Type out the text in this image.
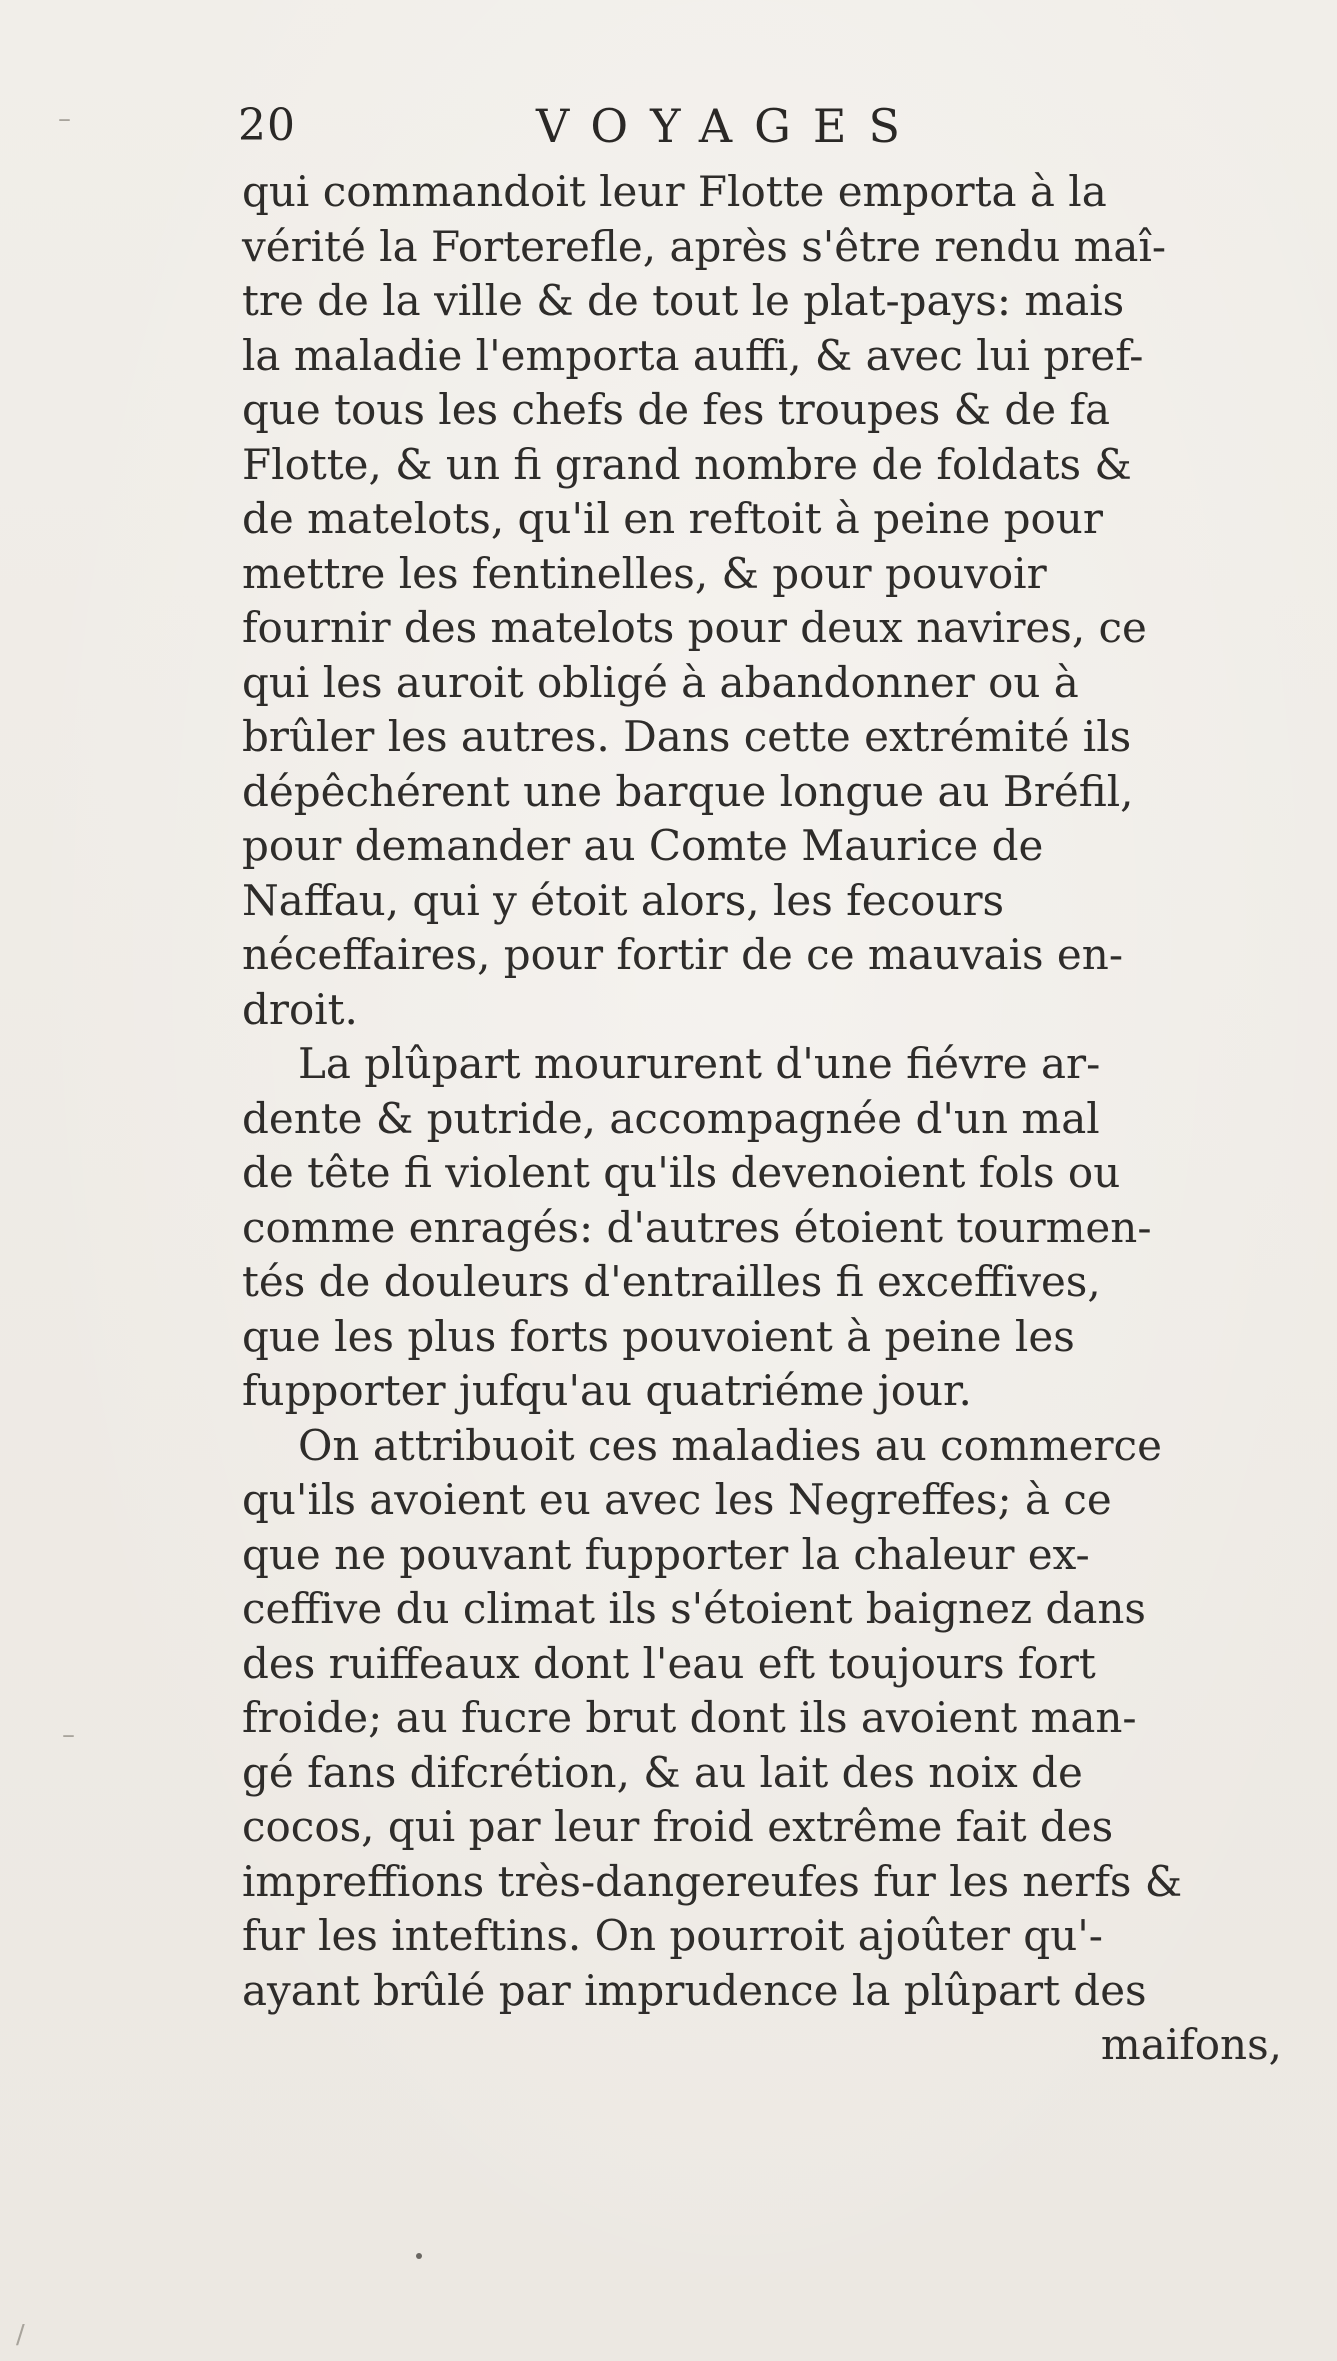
20	VOYAGES
qui commandoit leur Flotte emporta à la
vérité la Forterefle, après s'être rendu maî-
tre de la ville & de tout le plat-pays: mais
la maladie l'emporta auffi, & avec lui pref-
que tous les chefs de fes troupes & de fa
Flotte, & un fi grand nombre de foldats &
de matelots, qu'il en reftoit à peine pour
mettre les fentinelles, & pour pouvoir
fournir des matelots pour deux navires, ce
qui les auroit obligé à abandonner ou à
brûler les autres. Dans cette extrémité ils
dépêchérent une barque longue au Bréfil,
pour demander au Comte Maurice de
Naffau, qui y étoit alors, les fecours
néceffaires, pour fortir de ce mauvais en-
droit.
La plûpart moururent d'une fiévre ar-
dente & putride, accompagnée d'un mal
de tête fi violent qu'ils devenoient fols ou
comme enragés: d'autres étoient tourmen-
tés de douleurs d'entrailles fi exceffives,
que les plus forts pouvoient à peine les
fupporter jufqu'au quatriéme jour.
On attribuoit ces maladies au commerce
qu'ils avoient eu avec les Negreffes; à ce
que ne pouvant fupporter la chaleur ex-
ceffive du climat ils s'étoient baignez dans
des ruiffeaux dont l'eau eft toujours fort
froide; au fucre brut dont ils avoient man-
gé fans difcrétion, & au lait des noix de
cocos, qui par leur froid extrême fait des
impreffions très-dangereufes fur les nerfs &
fur les inteftins. On pourroit ajoûter qu'-
ayant brûlé par imprudence la plûpart des
maifons,
–
–
/
